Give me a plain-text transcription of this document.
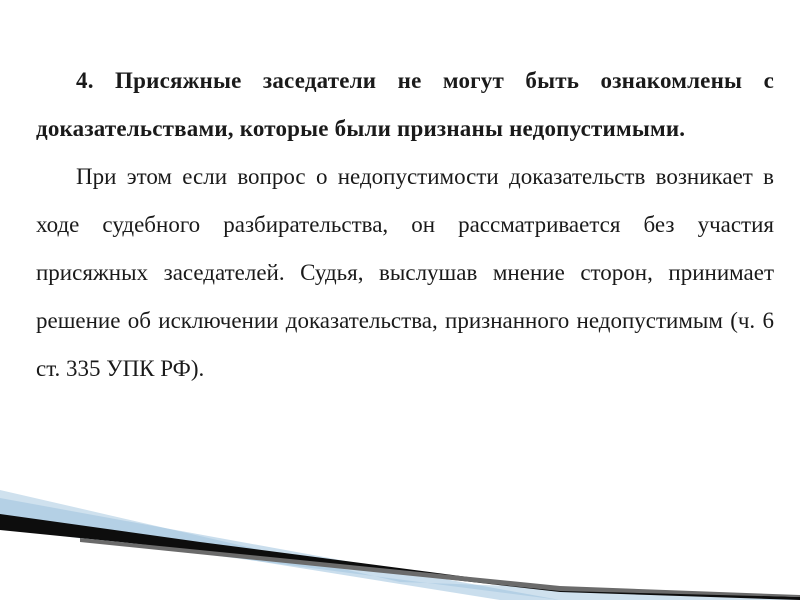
4. Присяжные заседатели не могут быть ознакомлены с доказательствами, которые были признаны недопустимыми.

При этом если вопрос о недопустимости доказательств возникает в ходе судебного разбирательства, он рассматривается без участия присяжных заседателей. Судья, выслушав мнение сторон, принимает решение об исключении доказательства, признанного недопустимым (ч. 6 ст. 335 УПК РФ).
